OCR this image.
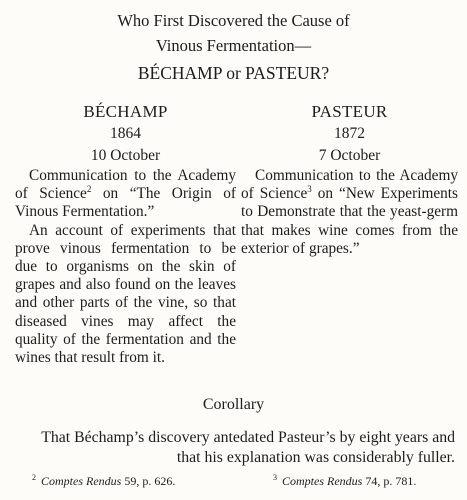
Who First Discovered the Cause of
Vinous Fermentation—
BÉCHAMP or PASTEUR?
BÉCHAMP
1864
10 October

Communication to the Academy of Science$^2$ on “The Origin of Vinous Fermentation.”

An account of experiments that prove vinous fermentation to be due to organisms on the skin of grapes and also found on the leaves and other parts of the vine, so that diseased vines may affect the quality of the fermentation and the wines that result from it.

PASTEUR
1872
7 October

Communication to the Academy of Science$^3$ on “New Experiments to Demonstrate that the yeast-germ that makes wine comes from the exterior of grapes.”

Corollary
That Béchamp’s discovery antedated Pasteur’s by eight years and that his explanation was considerably fuller.
$^2$ Comptes Rendus 59, p. 626.	$^3$ Comptes Rendus 74, p. 781.
